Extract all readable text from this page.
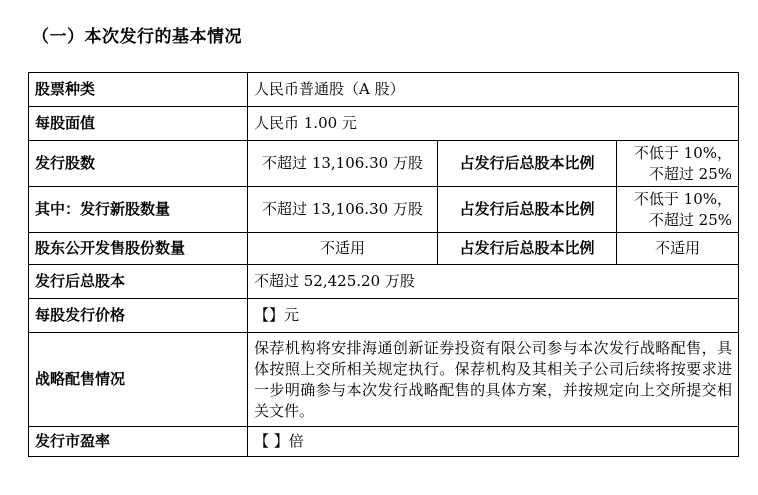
（一）本次发行的基本情况
股票种类	人民币普通股（A 股）		
每股面值	人民币 1.00 元		
发行股数	不超过 13,106.30 万股	占发行后总股本比例	不低于 10%，
不超过 25%

其中：发行新股数量	不超过 13,106.30 万股	占发行后总股本比例	不低于 10%，
不超过 25%

股东公开发售股份数量	不适用	占发行后总股本比例	不适用
发行后总股本	不超过 52,425.20 万股		
每股发行价格	【】元		
战略配售情况	保荐机构将安排海通创新证券投资有限公司参与本次发行战略配售，具体按照上交所相关规定执行。保荐机构及其相关子公司后续将按要求进一步明确参与本次发行战略配售的具体方案，并按规定向上交所提交相关文件。		
发行市盈率	【 】倍		
